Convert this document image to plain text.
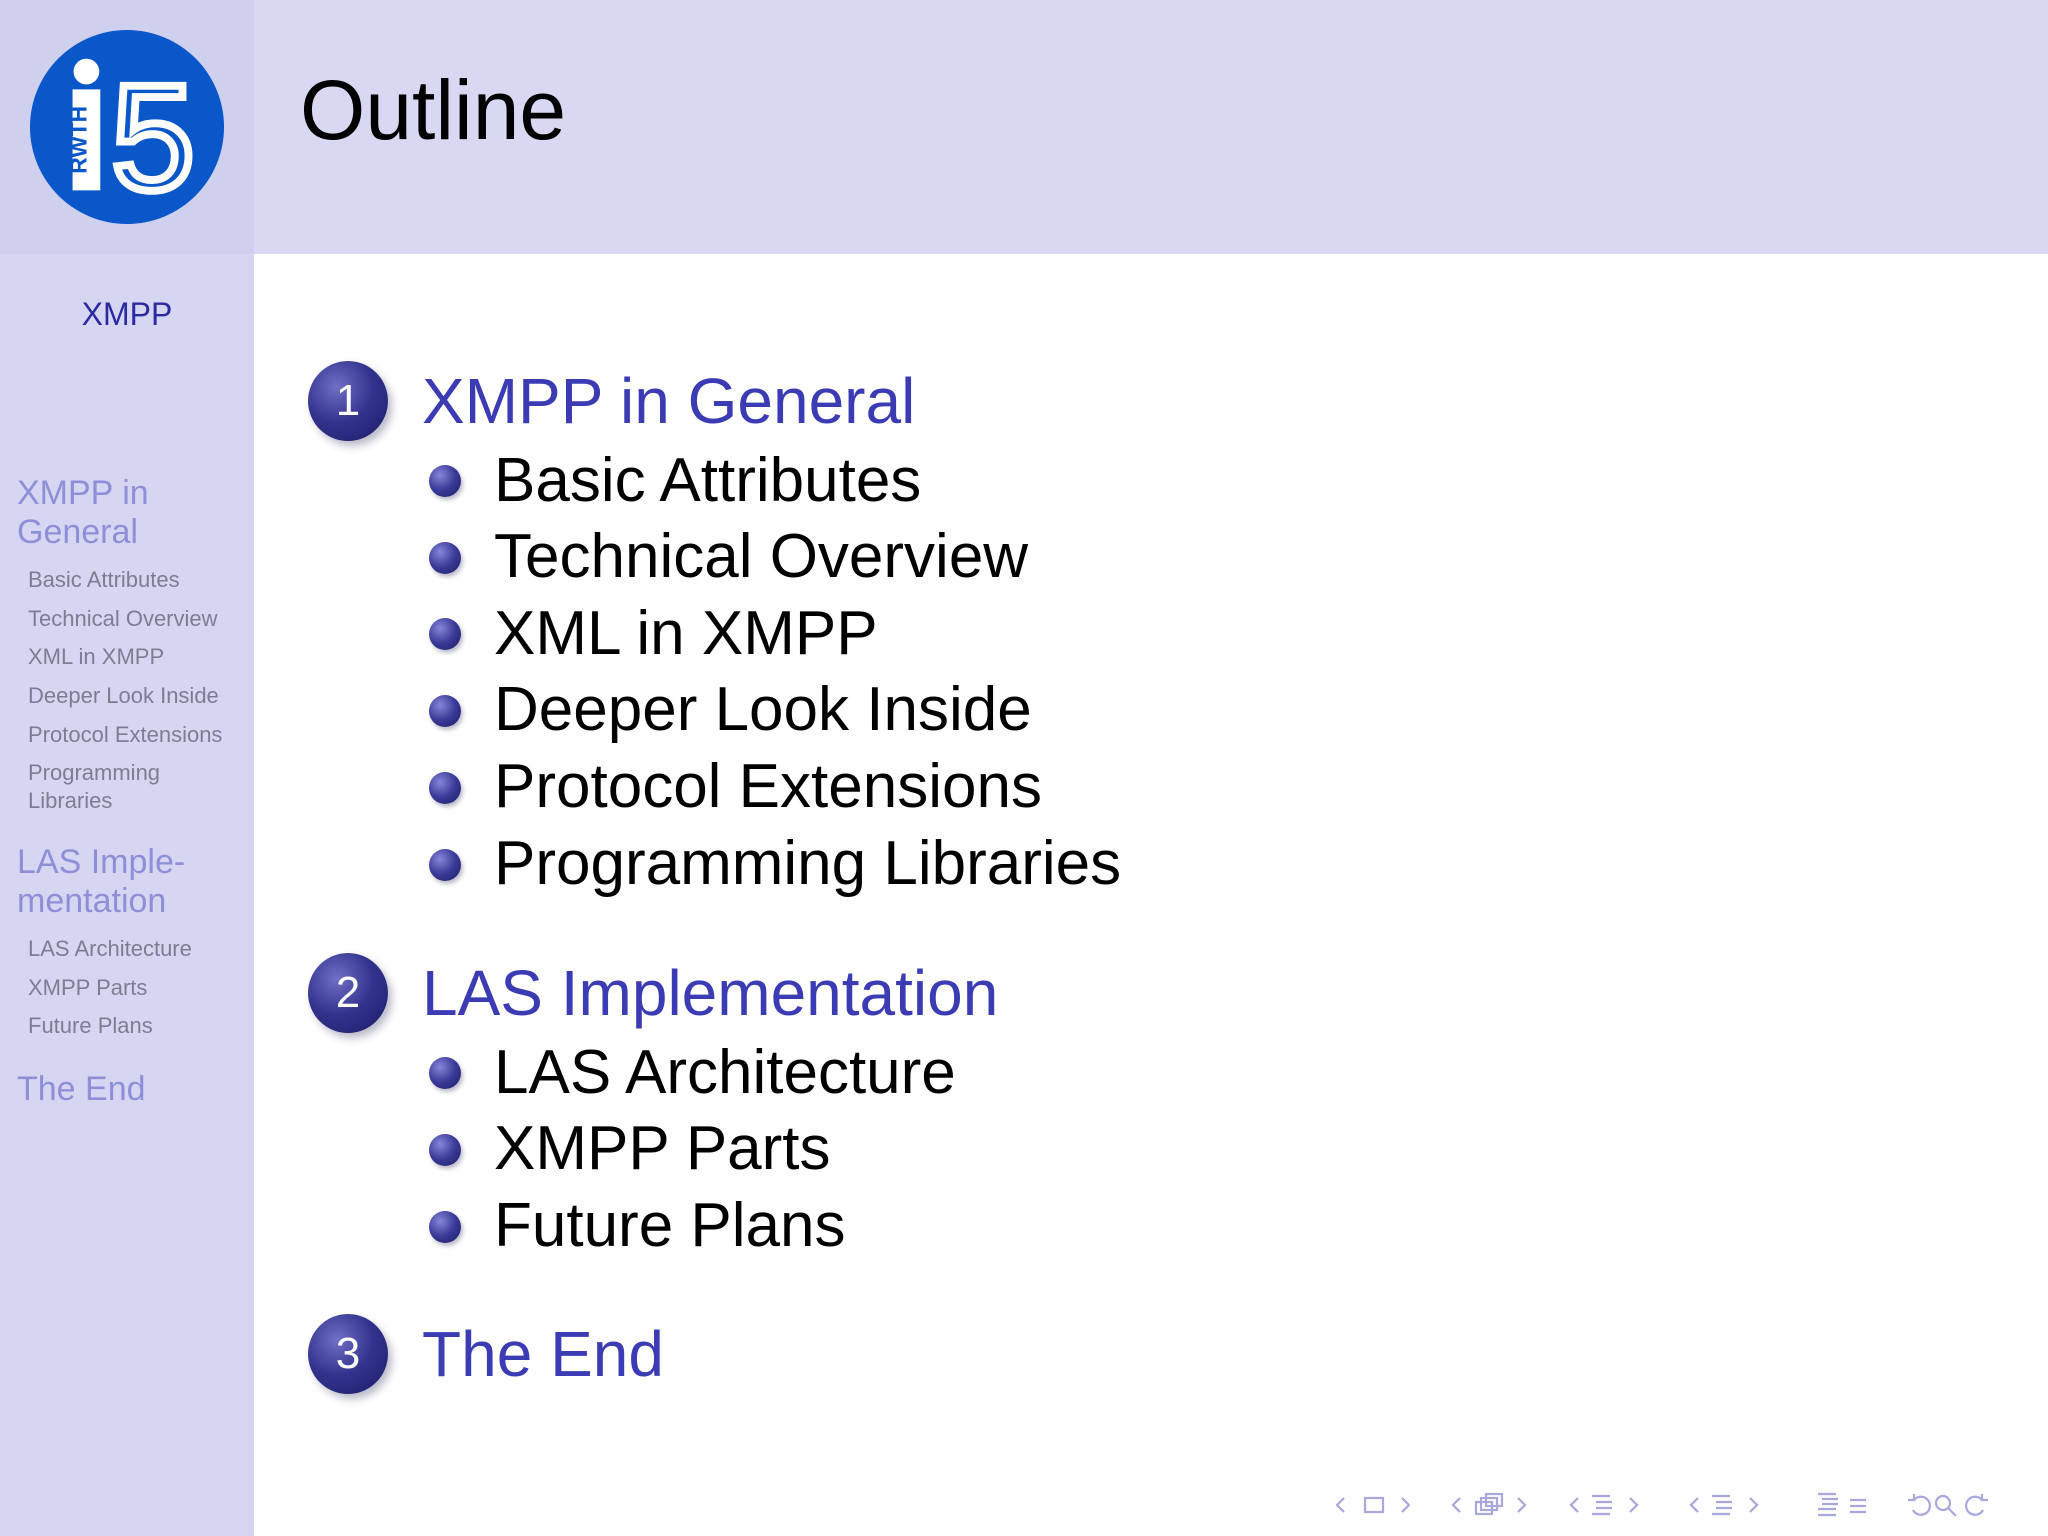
RWTH 5 Outline
XMPP
XMPP in General
Basic Attributes
Technical Overview
XML in XMPP
Deeper Look Inside
Protocol Extensions
Programming Libraries
LAS Imple-
mentation
LAS Architecture
XMPP Parts
Future Plans
The End
1 XMPP in General
Basic Attributes
Technical Overview
XML in XMPP
Deeper Look Inside
Protocol Extensions
Programming Libraries
2 LAS Implementation
LAS Architecture
XMPP Parts
Future Plans
3 The End
